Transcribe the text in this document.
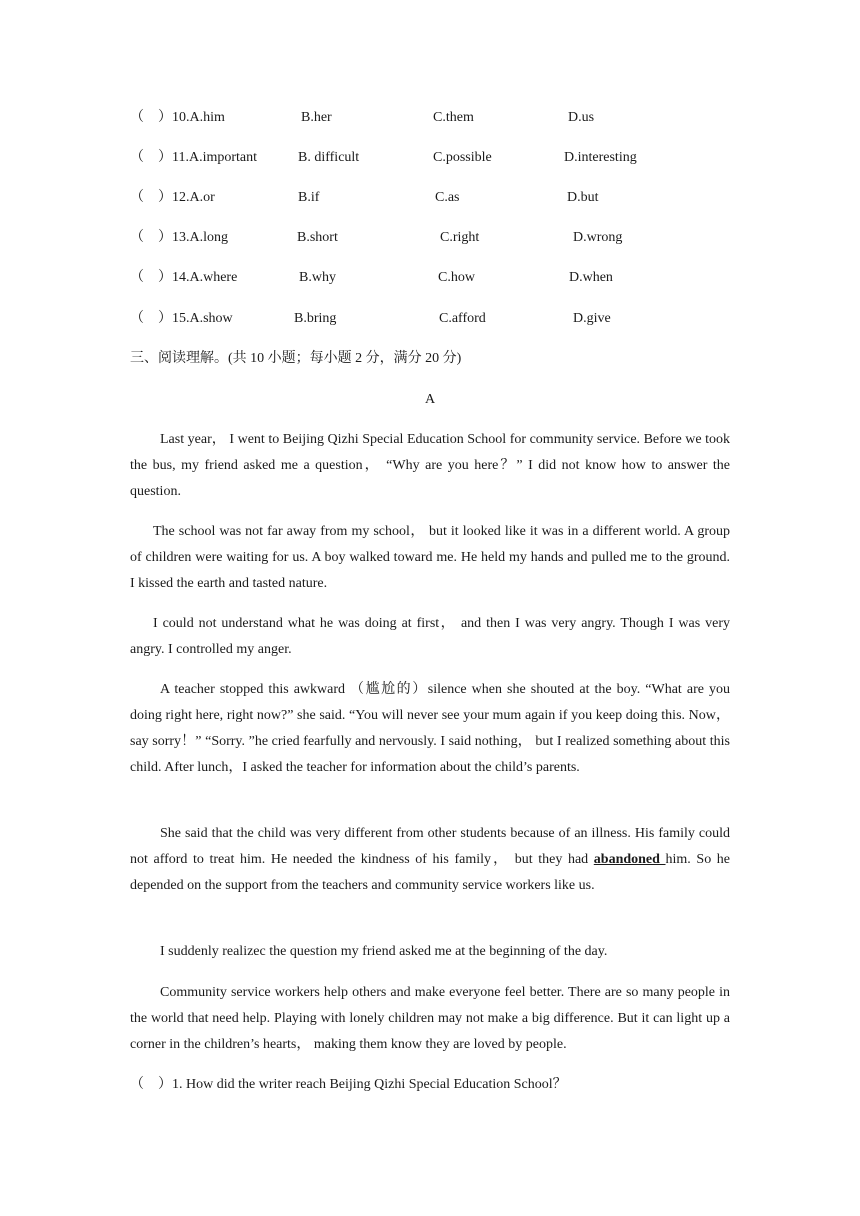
（　）10.A.him	B.her	C.them	D.us
（　）11.A.important	B. difficult	C.possible	D.interesting
（　）12.A.or	B.if	C.as	D.but
（　）13.A.long	B.short	C.right	D.wrong
（　）14.A.where	B.why	C.how	D.when
（　）15.A.show	B.bring	C.afford	D.give
三、阅读理解。(共 10 小题；每小题 2 分，满分 20 分)
A

Last year， I went to Beijing Qizhi Special Education School for community service. Before we took the bus, my friend asked me a question， “Why are you here？” I did not know how to answer the question.

The school was not far away from my school， but it looked like it was in a different world. A group of children were waiting for us. A boy walked toward me. He held my hands and pulled me to the ground. I kissed the earth and tasted nature.

I could not understand what he was doing at first， and then I was very angry. Though I was very angry. I controlled my anger.

A teacher stopped this awkward （尴尬的）silence when she shouted at the boy. “What are you doing right here, right now?” she said. “You will never see your mum again if you keep doing this. Now， say sorry！” “Sorry. ”he cried fearfully and nervously. I said nothing， but I realized something about this child. After lunch，I asked the teacher for information about the child’s parents.

She said that the child was very different from other students because of an illness. His family could not afford to treat him. He needed the kindness of his family， but they had abandoned him. So he depended on the support from the teachers and community service workers like us.

I suddenly realizec the question my friend asked me at the beginning of the day.

Community service workers help others and make everyone feel better. There are so many people in the world that need help. Playing with lonely children may not make a big difference. But it can light up a corner in the children’s hearts， making them know they are loved by people.

（　）1. How did the writer reach Beijing Qizhi Special Education School？
